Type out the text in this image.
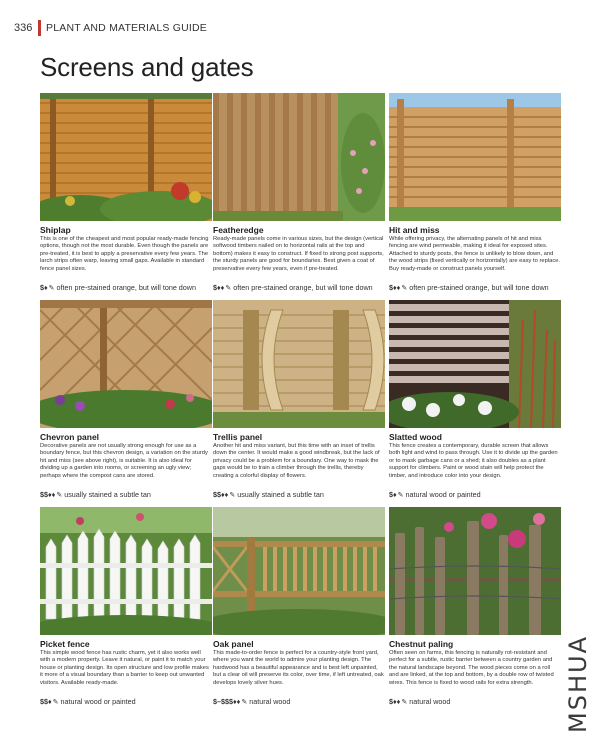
336 PLANT AND MATERIALS GUIDE
Screens and gates
Shiplap
This is one of the cheapest and most popular ready-made fencing options, though not the most durable. Even though the panels are pre-treated, it is best to apply a preservative every few years. The larch strips often warp, leaving small gaps. Available in standard fence panel sizes.
$♦✎ often pre-stained orange, but will tone down
Featheredge
Ready-made panels come in various sizes, but the design (vertical softwood timbers nailed on to horizontal rails at the top and bottom) makes it easy to construct. If fixed to strong post supports, the sturdy panels are good for boundaries. Best given a coat of preservative every few years, even if pre-treated.
$♦♦✎ often pre-stained orange, but will tone down
Hit and miss
While offering privacy, the alternating panels of hit and miss fencing are wind permeable, making it ideal for exposed sites. Attached to sturdy posts, the fence is unlikely to blow down, and the wood strips (fixed vertically or horizontally) are easy to replace. Buy ready-made or construct panels yourself.
$♦♦✎ often pre-stained orange, but will tone down
Chevron panel
Decorative panels are not usually strong enough for use as a boundary fence, but this chevron design, a variation on the sturdy hit and miss (see above right), is suitable. It is also ideal for dividing up a garden into rooms, or screening an ugly view; perhaps where the compost cans are stored.
$$♦♦✎ usually stained a subtle tan
Trellis panel
Another hit and miss variant, but this time with an inset of trellis down the center. It would make a good windbreak, but the lack of privacy could be a problem for a boundary. One way to mask the gaps would be to train a climber through the trellis, thereby creating a colorful display of flowers.
$$♦♦✎ usually stained a subtle tan
Slatted wood
This fence creates a contemporary, durable screen that allows both light and wind to pass through. Use it to divide up the garden or to mask garbage cans or a shed; it also doubles as a plant support for climbers. Paint or wood stain will help protect the timber, and introduce color into your design.
$♦✎ natural wood or painted
Picket fence
This simple wood fence has rustic charm, yet it also works well with a modern property. Leave it natural, or paint it to match your house or planting design. Its open structure and low profile makes it more of a visual boundary than a barrier to keep out unwanted visitors. Available ready-made.
$$♦✎ natural wood or painted
Oak panel
This made-to-order fence is perfect for a country-style front yard, where you want the world to admire your planting design. The hardwood has a beautiful appearance and is best left unpainted, but a clear oil will preserve its color, over time, if left untreated, oak develops lovely silver hues.
$–$$$♦♦✎ natural wood
Chestnut paling
Often seen on farms, this fencing is naturally rot-resistant and perfect for a subtle, rustic barrier between a country garden and the natural landscape beyond. The wood pieces come on a roll and are linked, at the top and bottom, by a double row of twisted wires. This fence is fixed to wood rails for extra strength.
$♦♦✎ natural wood	MSHUA
